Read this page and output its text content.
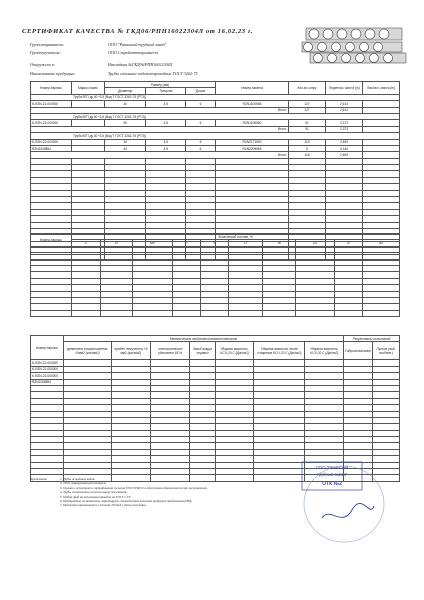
СЕРТИФИКАТ КАЧЕСТВА № ГКД06/РПН16022304Л от 16.02.23 г.
Грузоотправитель:	ООО "Рязанский трубный завод"
Грузополучатель:	ООО Стройоптторгинвест
Отгружено в:	Накладная №ГКД06/РПН16022304Л
Наименование продукции:	Трубы стальные водогазопроводные ГОСТ 3262-75
Номер партии	Марка стали	Размер (мм)			Номер пакета	Кол-во штук	Теоретич. масса (т)	Фактич. масса (т)
		Диаметр	Толщина	Длина				
Труба ВГП ду 40 *3,5 (Вод Т ГОСТ 3262-75 (РТЗ))								
K-RZN-22-000000		40	3,5	6	RZN1100566	127	2,614	
Итого:						127	2,614	
Труба ВГП ду 50 *3,5 (Вод Т ГОСТ 3262-75 (РТЗ))								
K-RZN-22-000000		50	3,5	6	RZN1106580	91	2,373	
Итого:						91	2,373	
Труба ВГП ду 40 *3,5 (Вод Т ГОСТ 3262-75 (РТЗ))								
K-RZN-22-000000		40	3,5	6	RZN2171563	113	2,469	
RZN1008854		40	3,5	6	RZN2209569	5	0,140	
Итого:						118	2,609	

Номер партии	Химический состав, %									
	C	Si	Mn	P	S	Cr	Ni	Cu	N	As

Номер партии	Механические свойства основного металла							Результаты испытаний	
	временное сопротивление, Н/мм2 (кгс/мм2)	предел текучести, Н/мм2 (кгс/мм2)	относительное удлинение δ5 %	Загиб вокруг оправки	Ударная вязкость, KCU-20 С (Дж/см2)	Ударная вязкость после старения KCU-20 С (Дж/см2)	Ударная вязкость, KCV-20 С (Дж/см2)	Гидроиспытание	Прочие (вид, особенн.)
K-RZN-22-000000									
K-RZN-22-000000									
K-RZN-22-000000									
RZN1008854									

Примечания:	1. Трубы испытаны водой.
2. 100% неразрушающий контроль.
3. Оценка и испытание и сертификация согласно ГОСТ Р ИСО к обеспечению безопасности при эксплуатации.
4. Трубы изготовлены согласно заказу покупателя.
5. Отбор проб на испытания проведен по ГОСТ и ТУ.
6. Предприятие-изготовитель гарантирует соответствие качества продукции требованиям НТД.
7. Претензии принимаются в течение 30 дней с даты получения.
ООО "Рязанский
трубный завод"
ОТК №2
